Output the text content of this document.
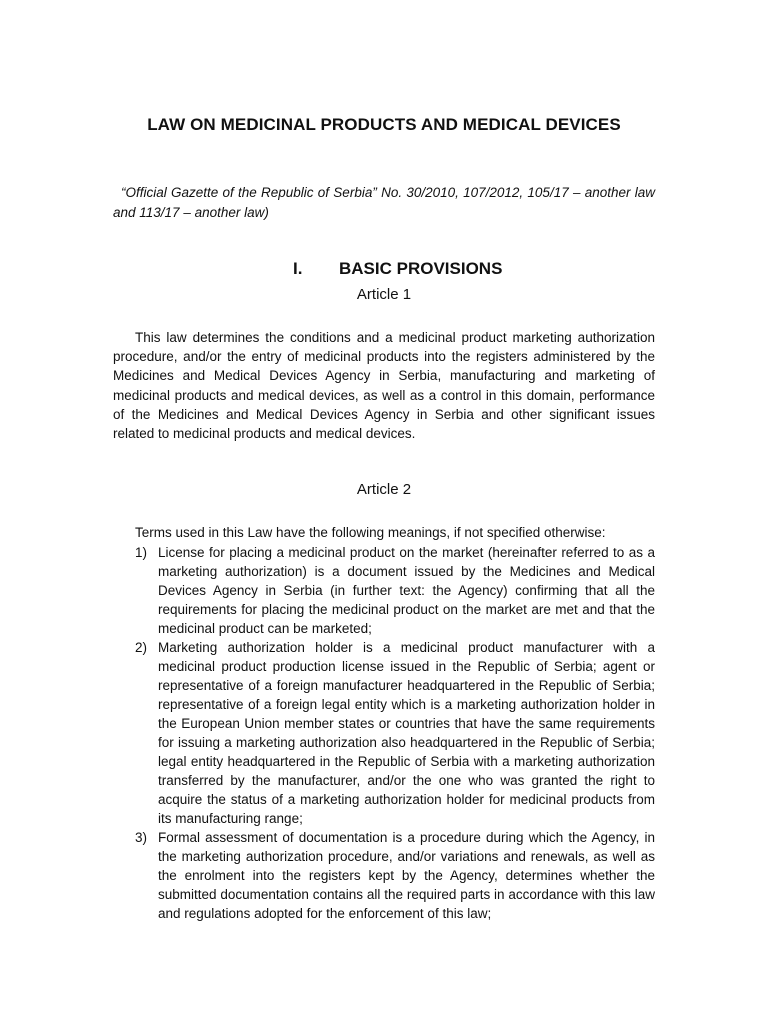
LAW ON MEDICINAL PRODUCTS AND MEDICAL DEVICES
“Official Gazette of the Republic of Serbia” No. 30/2010, 107/2012, 105/17 – another law and 113/17 – another law)
I. BASIC PROVISIONS
Article 1
This law determines the conditions and a medicinal product marketing authorization procedure, and/or the entry of medicinal products into the registers administered by the Medicines and Medical Devices Agency in Serbia, manufacturing and marketing of medicinal products and medical devices, as well as a control in this domain, performance of the Medicines and Medical Devices Agency in Serbia and other significant issues related to medicinal products and medical devices.
Article 2
Terms used in this Law have the following meanings, if not specified otherwise:
1) License for placing a medicinal product on the market (hereinafter referred to as a marketing authorization) is a document issued by the Medicines and Medical Devices Agency in Serbia (in further text: the Agency) confirming that all the requirements for placing the medicinal product on the market are met and that the medicinal product can be marketed;
2) Marketing authorization holder is a medicinal product manufacturer with a medicinal product production license issued in the Republic of Serbia; agent or representative of a foreign manufacturer headquartered in the Republic of Serbia; representative of a foreign legal entity which is a marketing authorization holder in the European Union member states or countries that have the same requirements for issuing a marketing authorization also headquartered in the Republic of Serbia; legal entity headquartered in the Republic of Serbia with a marketing authorization transferred by the manufacturer, and/or the one who was granted the right to acquire the status of a marketing authorization holder for medicinal products from its manufacturing range;
3) Formal assessment of documentation is a procedure during which the Agency, in the marketing authorization procedure, and/or variations and renewals, as well as the enrolment into the registers kept by the Agency, determines whether the submitted documentation contains all the required parts in accordance with this law and regulations adopted for the enforcement of this law;
